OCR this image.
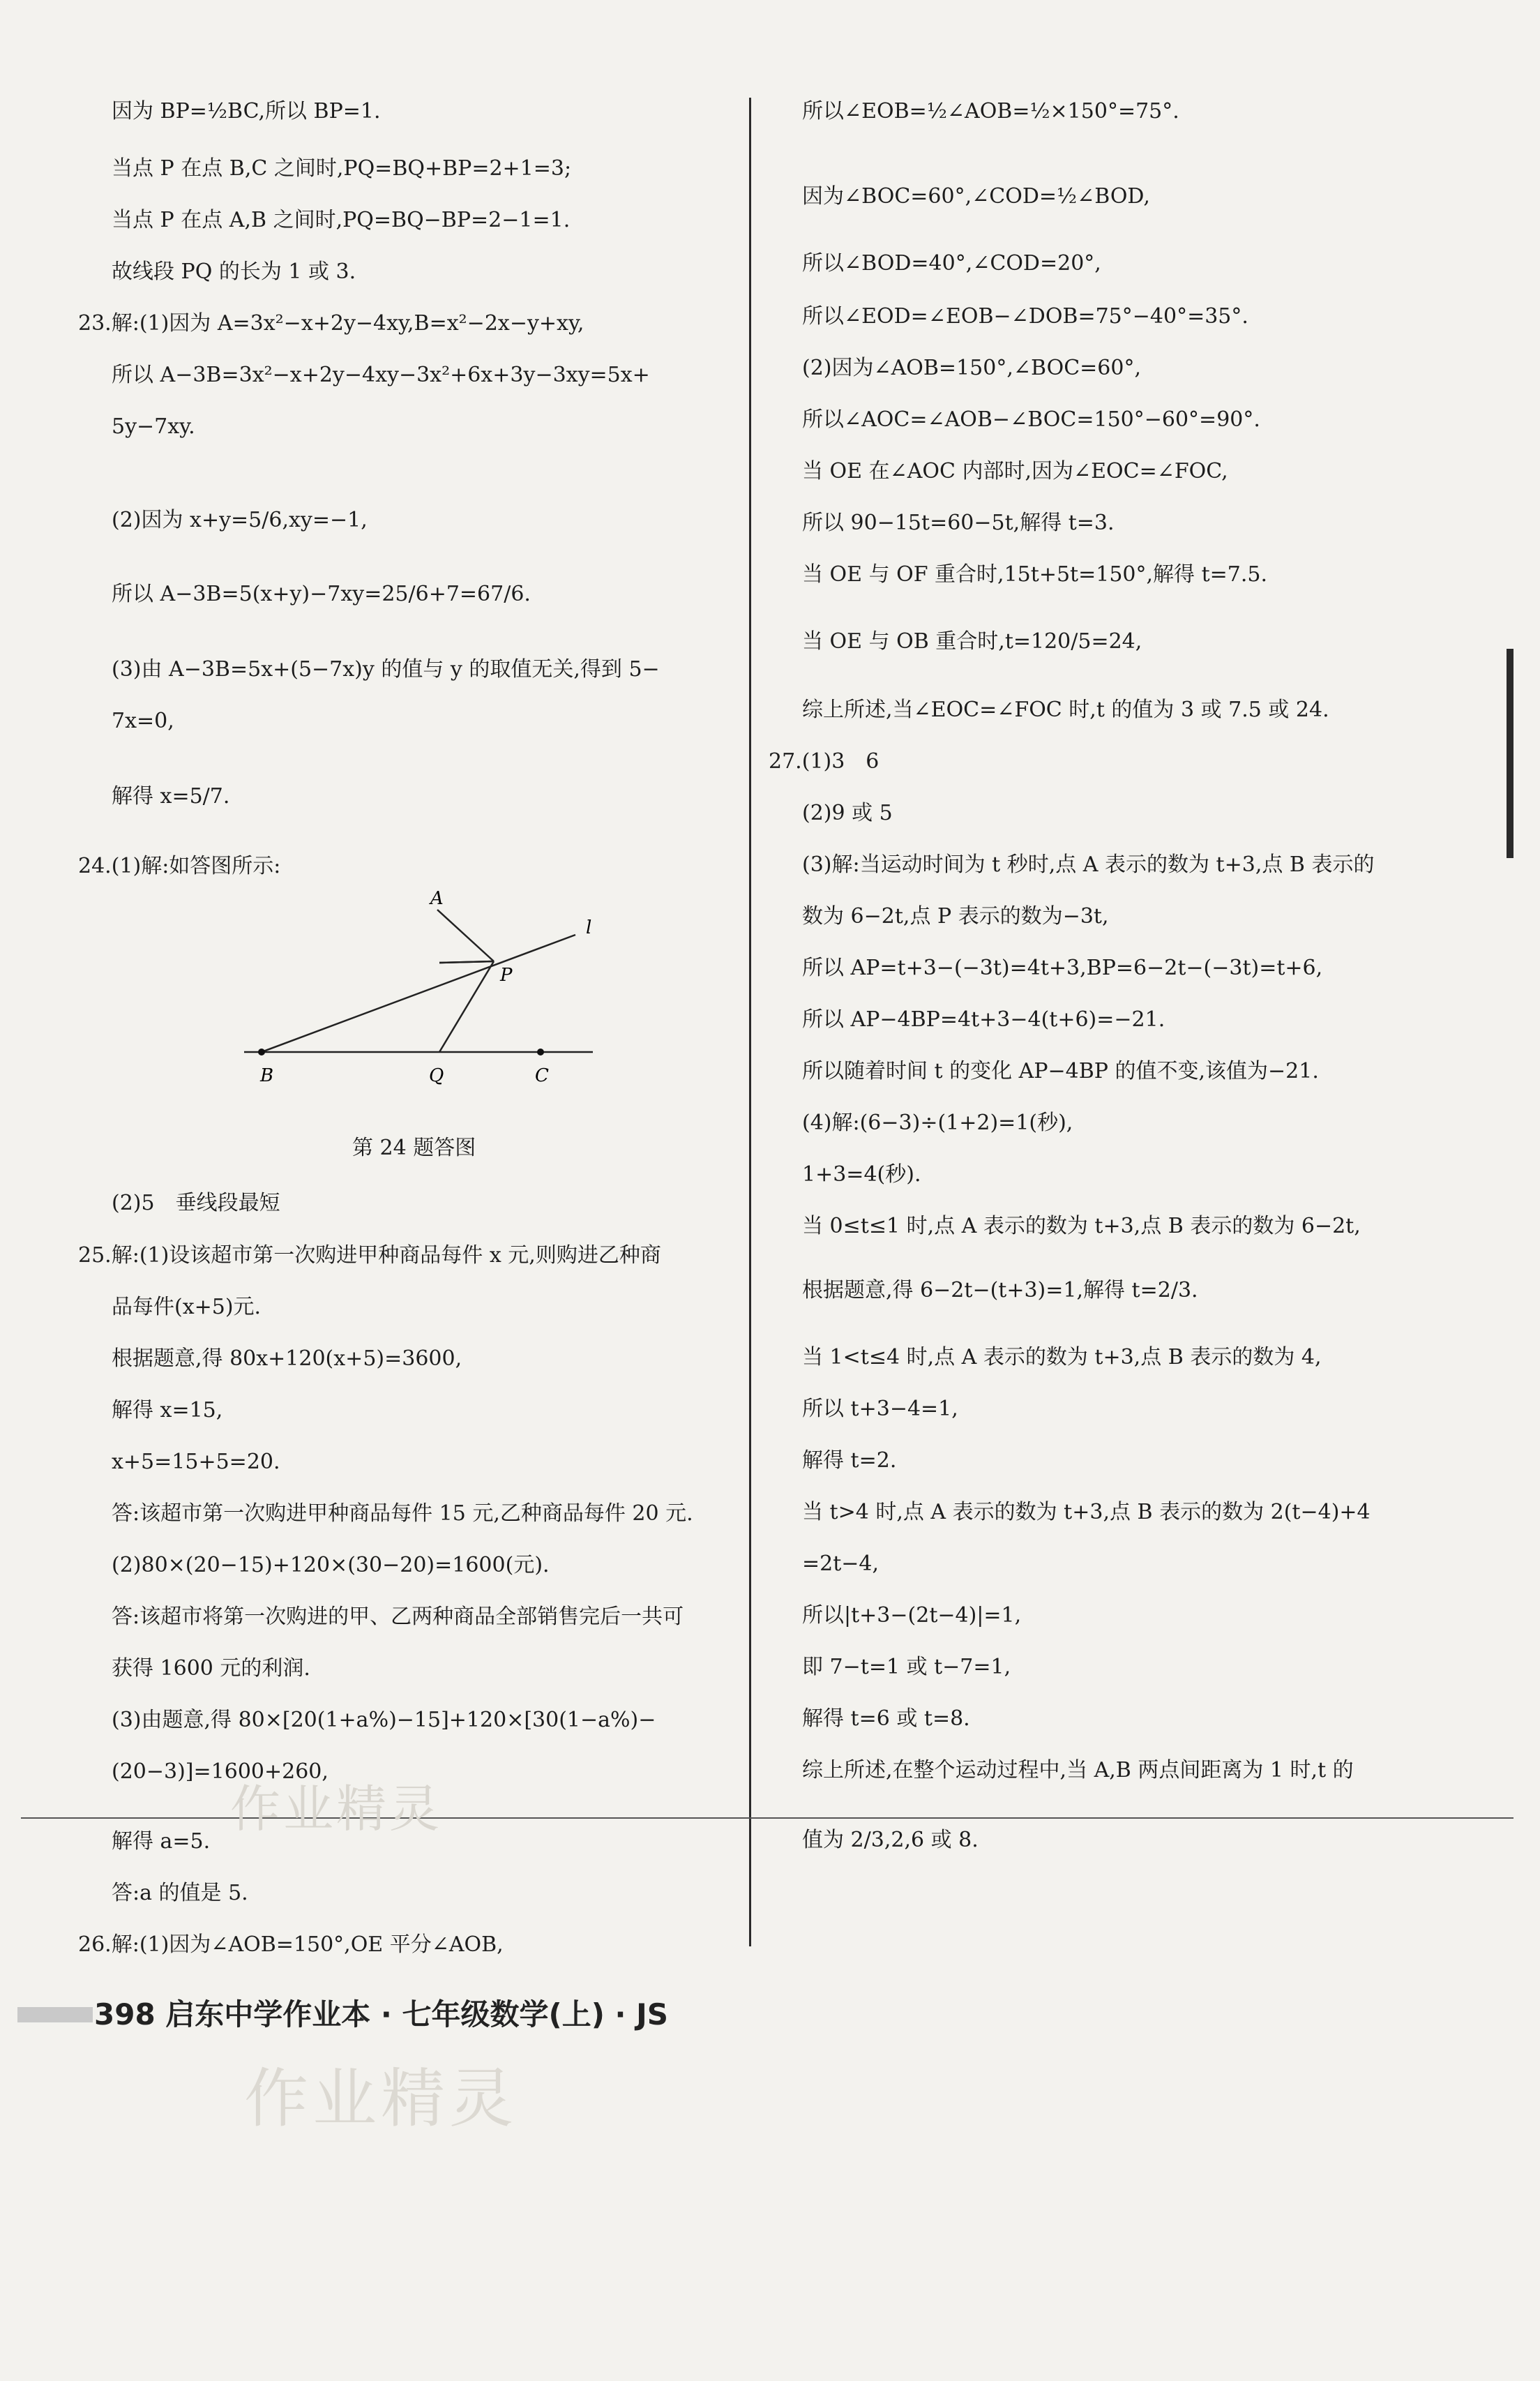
因为 BP=½BC,所以 BP=1.
当点 P 在点 B,C 之间时,PQ=BQ+BP=2+1=3;
当点 P 在点 A,B 之间时,PQ=BQ−BP=2−1=1.
故线段 PQ 的长为 1 或 3.
23.解:(1)因为 A=3x²−x+2y−4xy,B=x²−2x−y+xy,
所以 A−3B=3x²−x+2y−4xy−3x²+6x+3y−3xy=5x+
5y−7xy.
(2)因为 x+y=5/6,xy=−1,
所以 A−3B=5(x+y)−7xy=25/6+7=67/6.
(3)由 A−3B=5x+(5−7x)y 的值与 y 的取值无关,得到 5−
7x=0,
解得 x=5/7.
24.(1)解:如答图所示:
(2)5　垂线段最短
25.解:(1)设该超市第一次购进甲种商品每件 x 元,则购进乙种商
品每件(x+5)元.
根据题意,得 80x+120(x+5)=3600,
解得 x=15,
x+5=15+5=20.
答:该超市第一次购进甲种商品每件 15 元,乙种商品每件 20 元.
(2)80×(20−15)+120×(30−20)=1600(元).
答:该超市将第一次购进的甲、乙两种商品全部销售完后一共可
获得 1600 元的利润.
(3)由题意,得 80×[20(1+a%)−15]+120×[30(1−a%)−
(20−3)]=1600+260,
解得 a=5.
答:a 的值是 5.
26.解:(1)因为∠AOB=150°,OE 平分∠AOB,
A
P
l
B	Q	C
第 24 题答图
所以∠EOB=½∠AOB=½×150°=75°.
因为∠BOC=60°,∠COD=½∠BOD,
所以∠BOD=40°,∠COD=20°,
所以∠EOD=∠EOB−∠DOB=75°−40°=35°.
(2)因为∠AOB=150°,∠BOC=60°,
所以∠AOC=∠AOB−∠BOC=150°−60°=90°.
当 OE 在∠AOC 内部时,因为∠EOC=∠FOC,
所以 90−15t=60−5t,解得 t=3.
当 OE 与 OF 重合时,15t+5t=150°,解得 t=7.5.
当 OE 与 OB 重合时,t=120/5=24,
综上所述,当∠EOC=∠FOC 时,t 的值为 3 或 7.5 或 24.
27.(1)3　6
(2)9 或 5
(3)解:当运动时间为 t 秒时,点 A 表示的数为 t+3,点 B 表示的
数为 6−2t,点 P 表示的数为−3t,
所以 AP=t+3−(−3t)=4t+3,BP=6−2t−(−3t)=t+6,
所以 AP−4BP=4t+3−4(t+6)=−21.
所以随着时间 t 的变化 AP−4BP 的值不变,该值为−21.
(4)解:(6−3)÷(1+2)=1(秒),
1+3=4(秒).
当 0≤t≤1 时,点 A 表示的数为 t+3,点 B 表示的数为 6−2t,
根据题意,得 6−2t−(t+3)=1,解得 t=2/3.
当 1<t≤4 时,点 A 表示的数为 t+3,点 B 表示的数为 4,
所以 t+3−4=1,
解得 t=2.
当 t>4 时,点 A 表示的数为 t+3,点 B 表示的数为 2(t−4)+4
=2t−4,
所以|t+3−(2t−4)|=1,
即 7−t=1 或 t−7=1,
解得 t=6 或 t=8.
综上所述,在整个运动过程中,当 A,B 两点间距离为 1 时,t 的
值为 2/3,2,6 或 8.
作业精灵
作业精灵
398 启东中学作业本 · 七年级数学(上) · JS
